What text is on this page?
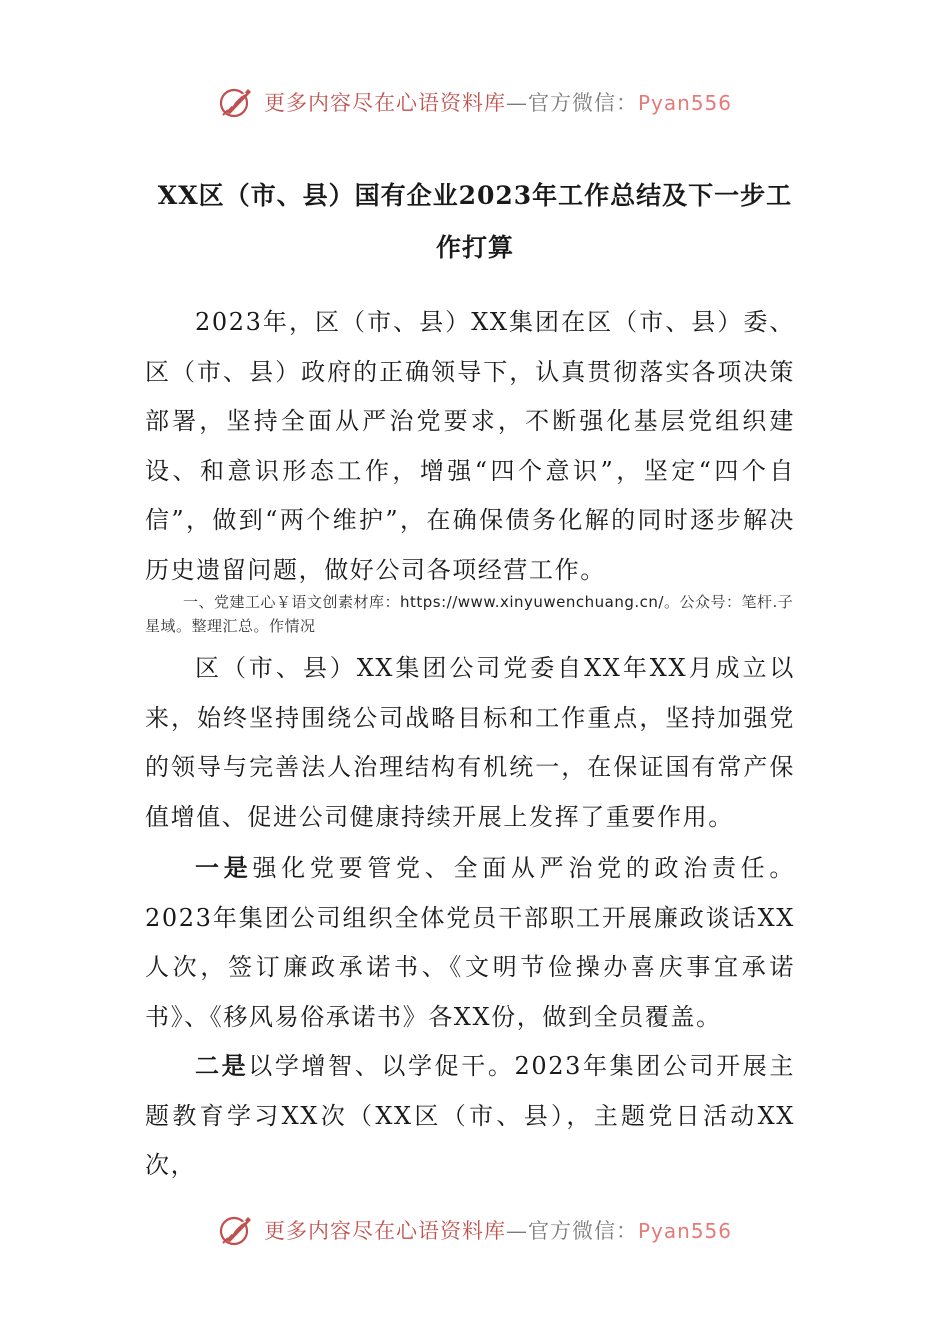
更多内容尽在心语资料库—官方微信：Pyan556
XX区（市、县）国有企业2023年工作总结及下一步工作打算

2023年，区（市、县）XX集团在区（市、县）委、区（市、县）政府的正确领导下，认真贯彻落实各项决策部署，坚持全面从严治党要求，不断强化基层党组织建设、和意识形态工作，增强“四个意识”，坚定“四个自信”，做到“两个维护”，在确保债务化解的同时逐步解决历史遗留问题，做好公司各项经营工作。

一、党建工心￥语文创素材库：https://www.xinyuwenchuang.cn/。公众号：笔杆.子星域。整理汇总。作情况

区（市、县）XX集团公司党委自XX年XX月成立以来，始终坚持围绕公司战略目标和工作重点，坚持加强党的领导与完善法人治理结构有机统一，在保证国有常产保值增值、促进公司健康持续开展上发挥了重要作用。

一是强化党要管党、全面从严治党的政治责任。2023年集团公司组织全体党员干部职工开展廉政谈话XX人次，签订廉政承诺书、《文明节俭操办喜庆事宜承诺书》、《移风易俗承诺书》各XX份，做到全员覆盖。

二是以学增智、以学促干。2023年集团公司开展主题教育学习XX次（XX区（市、县），主题党日活动XX次，

更多内容尽在心语资料库—官方微信：Pyan556
